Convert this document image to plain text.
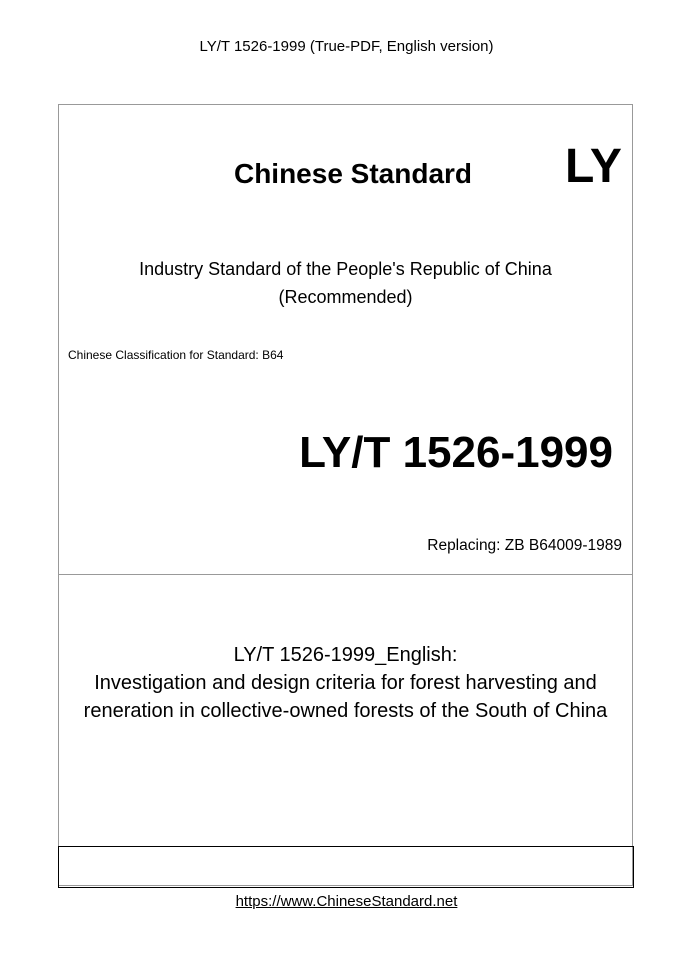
LY/T 1526-1999 (True-PDF, English version)
Chinese Standard	LY
Industry Standard of the People's Republic of China
(Recommended)
Chinese Classification for Standard: B64
LY/T 1526-1999
Replacing: ZB B64009-1989
LY/T 1526-1999_English:
Investigation and design criteria for forest harvesting and
reneration in collective-owned forests of the South of China
https://www.ChineseStandard.net
